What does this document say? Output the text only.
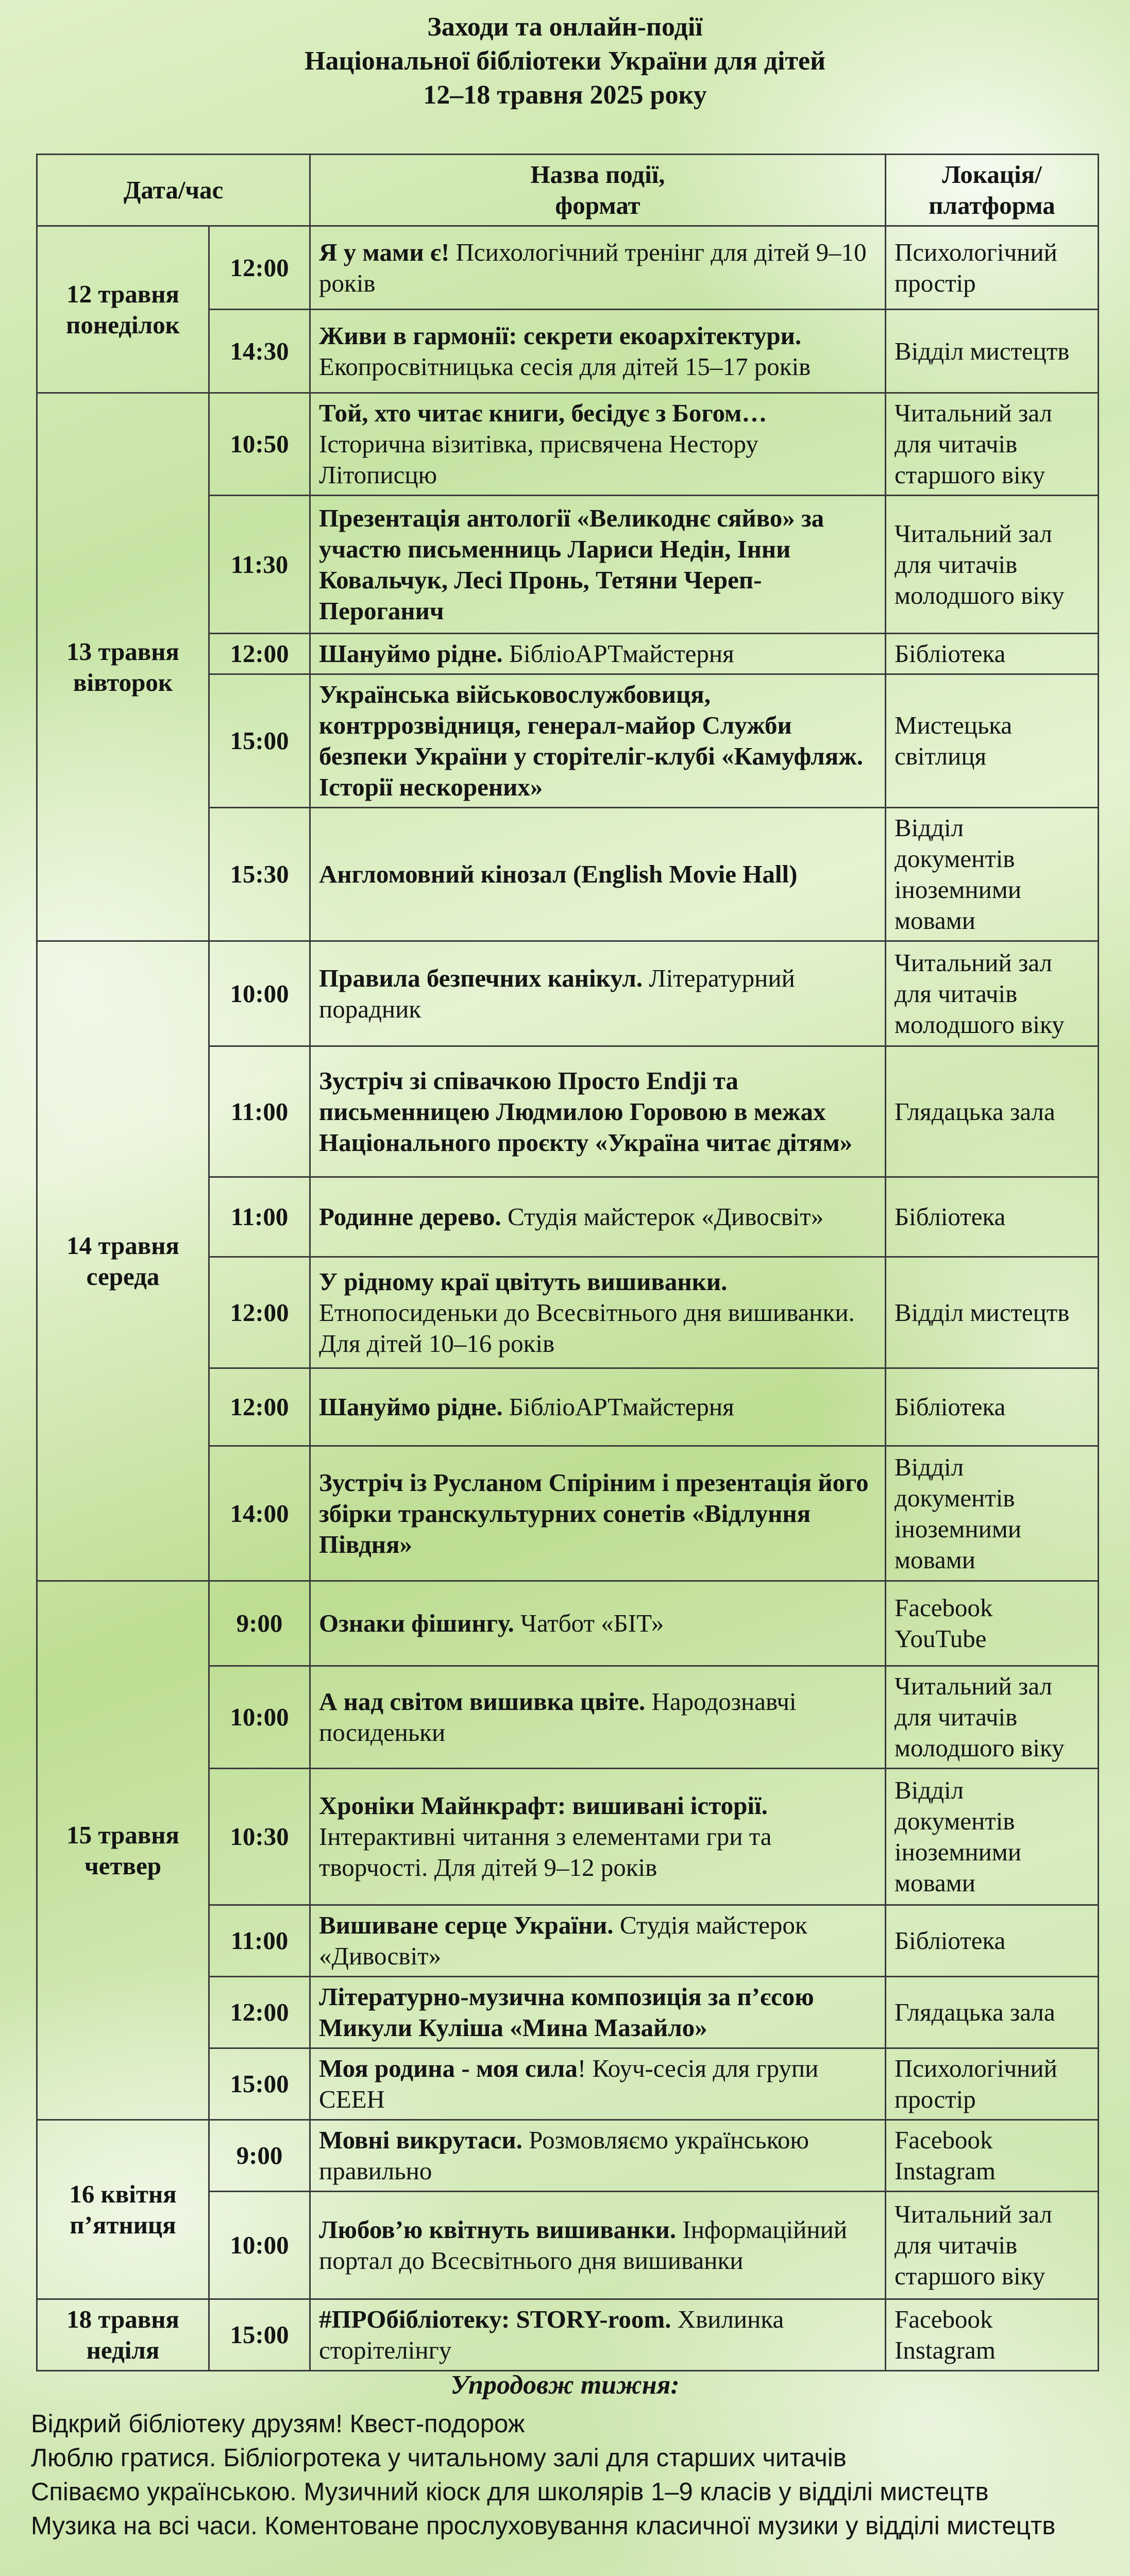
Заходи та онлайн-події
Національної бібліотеки України для дітей
12–18 травня 2025 року
Дата/час		Назва події,
формат	Локація/
платформа

12 травня
понеділок	12:00	Я у мами є! Психологічний тренінг для дітей 9–10 років	Психологічний простір
	14:30	Живи в гармонії: секрети екоархітектури. Екопросвітницька сесія для дітей 15–17 років	Відділ мистецтв

13 травня
вівторок	10:50	Той, хто читає книги, бесідує з Богом… Історична візитівка, присвячена Нестору Літописцю	Читальний зал для читачів старшого віку
	11:30	Презентація антології «Великоднє сяйво» за участю письменниць Лариси Недін, Інни Ковальчук, Лесі Пронь, Тетяни Череп-Пероганич	Читальний зал для читачів молодшого віку
	12:00	Шануймо рідне. БібліоАРТмайстерня	Бібліотека
	15:00	Українська військовослужбовиця, контррозвідниця, генерал-майор Служби безпеки України у сторітеліг-клубі «Камуфляж. Історії нескорених»	Мистецька світлиця
	15:30	Англомовний кінозал (English Movie Hall)	Відділ документів іноземними мовами

14 травня
середа	10:00	Правила безпечних канікул. Літературний порадник	Читальний зал для читачів молодшого віку
	11:00	Зустріч зі співачкою Просто Endji та письменницею Людмилою Горовою в межах Національного проєкту «Україна читає дітям»	Глядацька зала
	11:00	Родинне дерево. Студія майстерок «Дивосвіт»	Бібліотека
	12:00	У рідному краї цвітуть вишиванки. Етнопосиденьки до Всесвітнього дня вишиванки. Для дітей 10–16 років	Відділ мистецтв
	12:00	Шануймо рідне. БібліоАРТмайстерня	Бібліотека
	14:00	Зустріч із Русланом Спіріним і презентація його збірки транскультурних сонетів «Відлуння Півдня»	Відділ документів іноземними мовами

15 травня
четвер	9:00	Ознаки фішингу. Чатбот «БІТ»	Facebook YouTube
	10:00	А над світом вишивка цвіте. Народознавчі посиденьки	Читальний зал для читачів молодшого віку
	10:30	Хроніки Майнкрафт: вишивані історії. Інтерактивні читання з елементами гри та творчості. Для дітей 9–12 років	Відділ документів іноземними мовами
	11:00	Вишиване серце України. Студія майстерок «Дивосвіт»	Бібліотека
	12:00	Літературно-музична композиція за п’єсою Микули Куліша «Мина Мазайло»	Глядацька зала
	15:00	Моя родина - моя сила! Коуч-сесія для групи СЕЕН	Психологічний простір

16 квітня
п’ятниця	9:00	Мовні викрутаси. Розмовляємо українською правильно	Facebook Instagram
	10:00	Любов’ю квітнуть вишиванки. Інформаційний портал до Всесвітнього дня вишиванки	Читальний зал для читачів старшого віку

18 травня
неділя	15:00	#ПРОбібліотеку: STORY-room. Хвилинка сторітелінгу	Facebook Instagram
Упродовж тижня:

Відкрий бібліотеку друзям! Квест-подорож

Люблю гратися. Бібліогротека у читальному залі для старших читачів

Співаємо українською. Музичний кіоск для школярів 1–9 класів у відділі мистецтв

Музика на всі часи. Коментоване прослуховування класичної музики у відділі мистецтв
